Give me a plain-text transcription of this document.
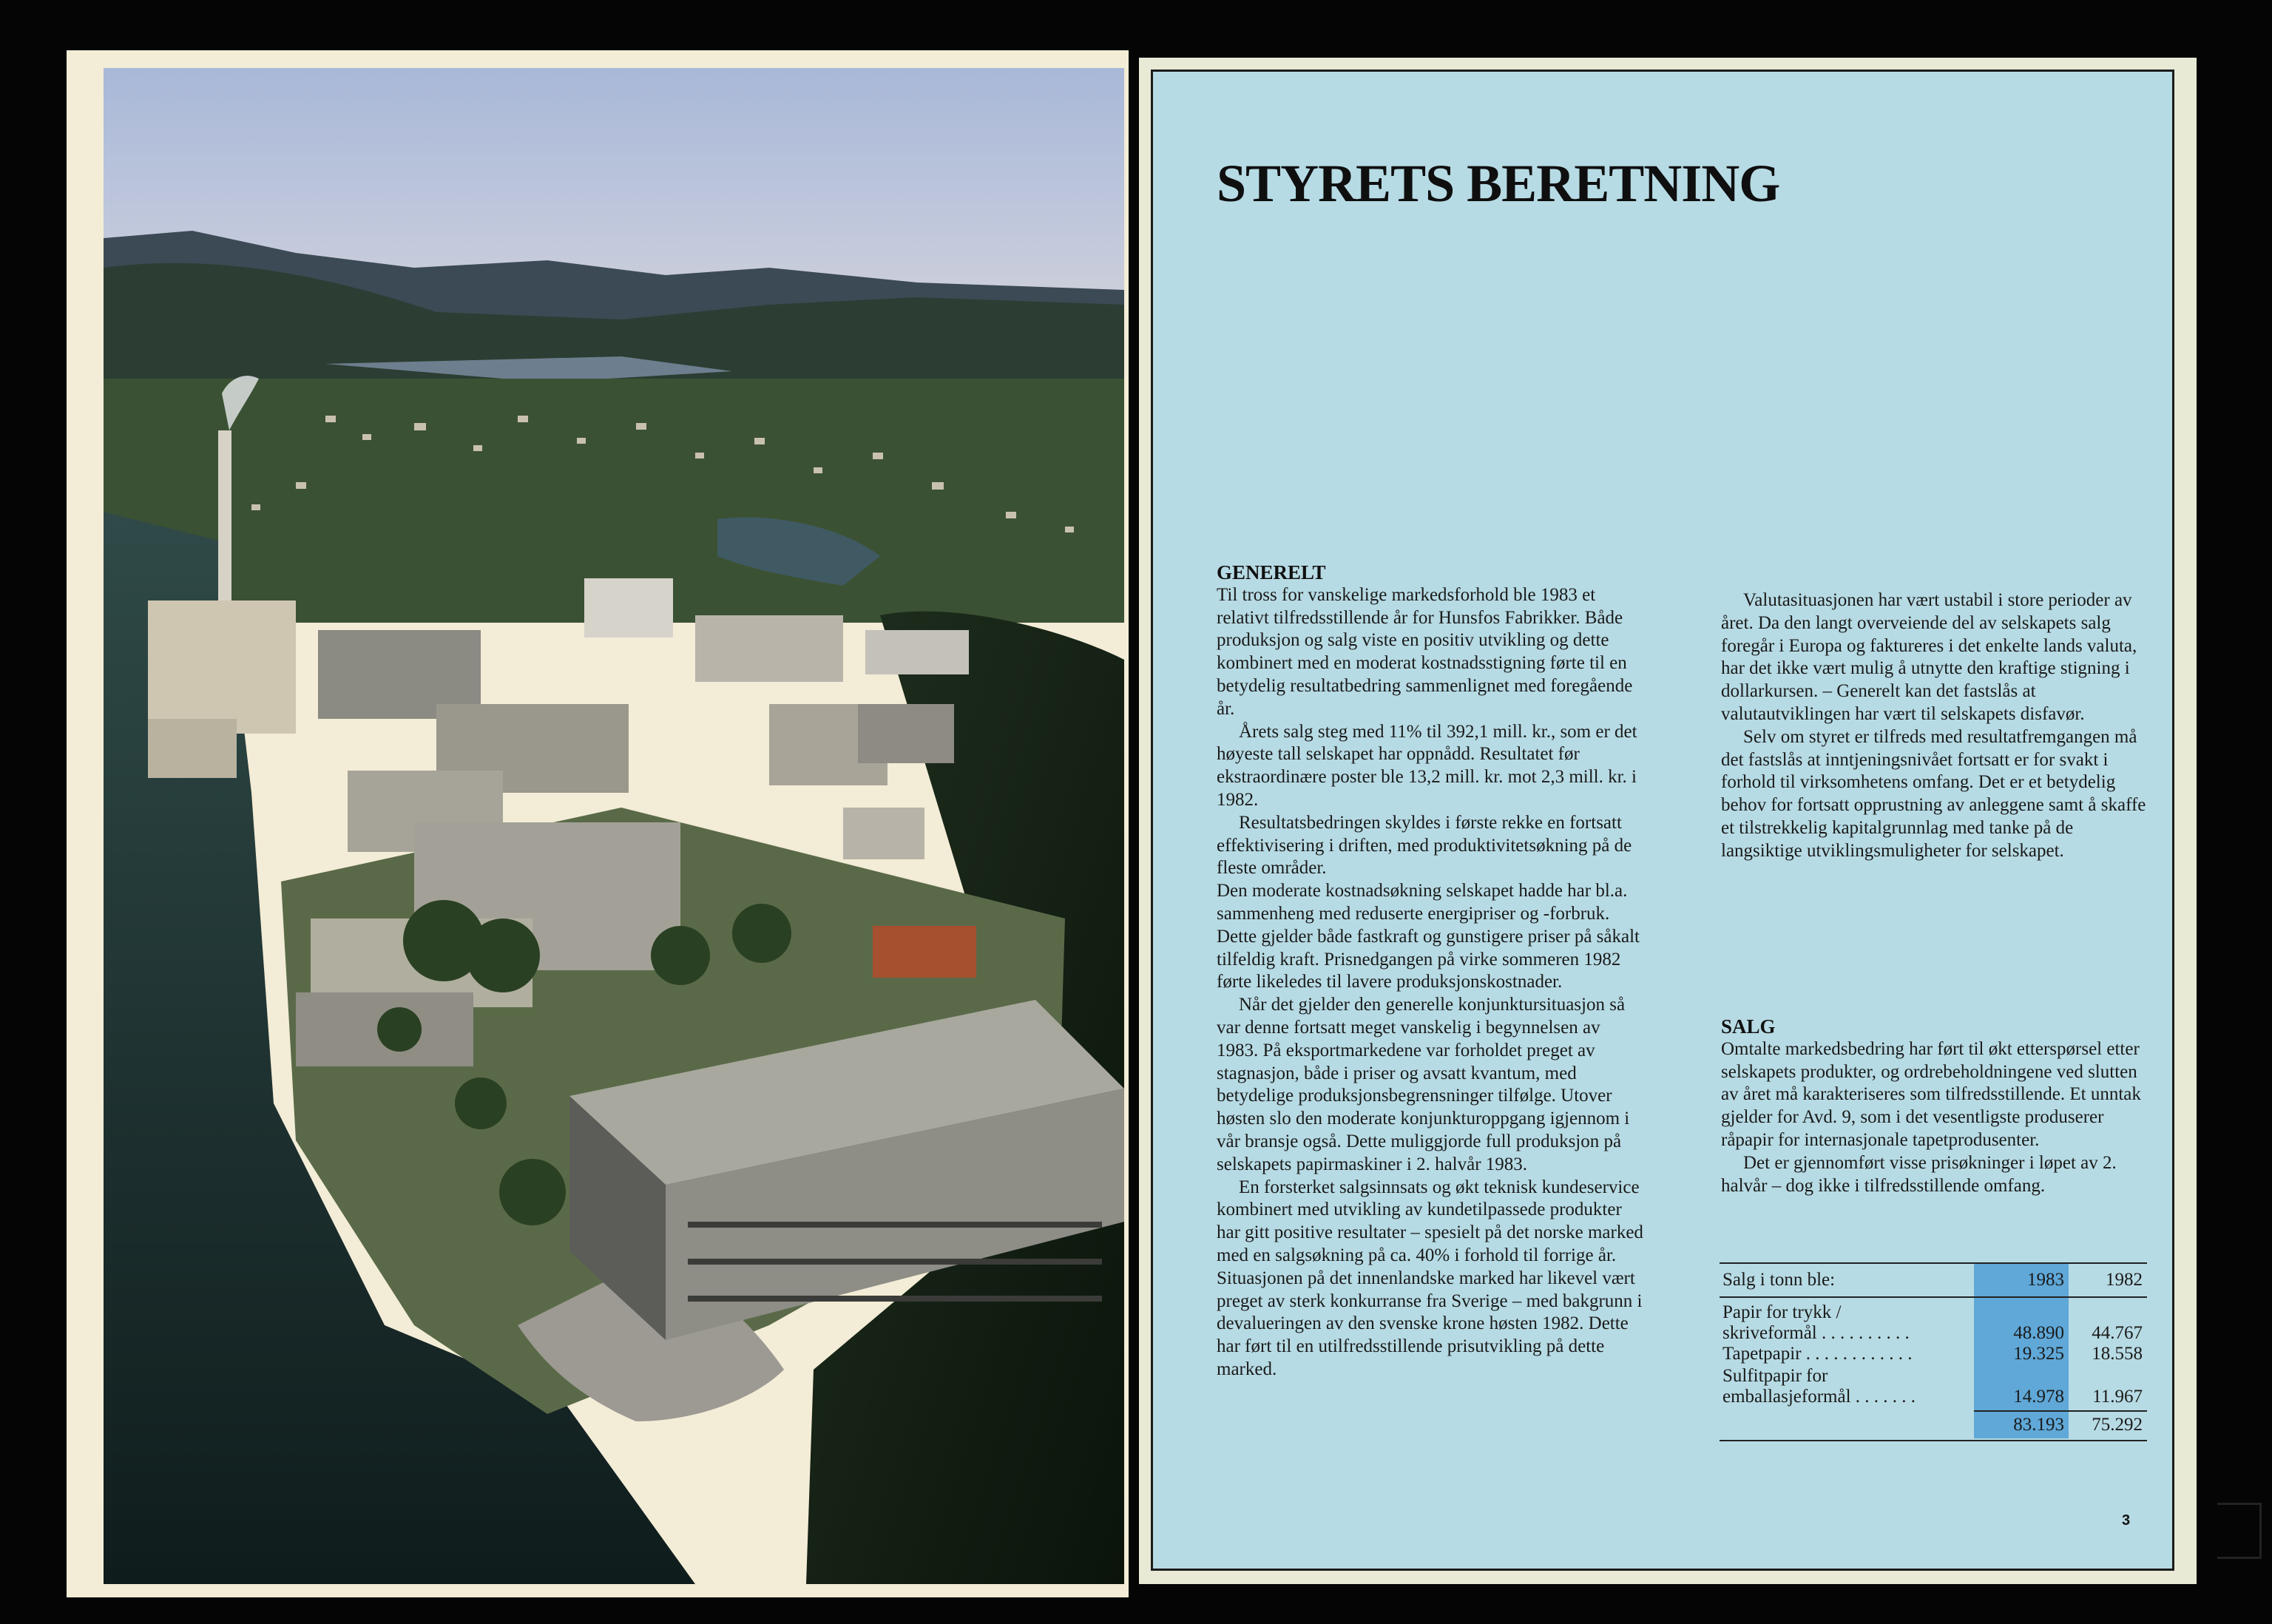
STYRETS BERETNING

GENERELT

Til tross for vanskelige markedsforhold ble 1983 et relativt tilfredsstillende år for Hunsfos Fabrikker. Både produksjon og salg viste en positiv utvikling og dette kombinert med en moderat kostnadsstigning førte til en betydelig resultatbedring sammenlignet med foregående år.

Årets salg steg med 11% til 392,1 mill. kr., som er det høyeste tall selskapet har oppnådd. Resultatet før ekstraordinære poster ble 13,2 mill. kr. mot 2,3 mill. kr. i 1982.

Resultatsbedringen skyldes i første rekke en fortsatt effektivisering i driften, med produktivitetsøkning på de fleste områder.

Den moderate kostnadsøkning selskapet hadde har bl.a. sammenheng med reduserte energipriser og -forbruk. Dette gjelder både fastkraft og gunstigere priser på såkalt tilfeldig kraft. Prisnedgangen på virke sommeren 1982 førte likeledes til lavere produksjonskostnader.

Når det gjelder den generelle konjunktursituasjon så var denne fortsatt meget vanskelig i begynnelsen av 1983. På eksportmarkedene var forholdet preget av stagnasjon, både i priser og avsatt kvantum, med betydelige produksjonsbegrensninger tilfølge. Utover høsten slo den moderate konjunkturoppgang igjennom i vår bransje også. Dette muliggjorde full produksjon på selskapets papirmaskiner i 2. halvår 1983.

En forsterket salgsinnsats og økt teknisk kundeservice kombinert med utvikling av kundetilpassede produkter har gitt positive resultater – spesielt på det norske marked med en salgsøkning på ca. 40% i forhold til forrige år. Situasjonen på det innenlandske marked har likevel vært preget av sterk konkurranse fra Sverige – med bakgrunn i devalueringen av den svenske krone høsten 1982. Dette har ført til en utilfredsstillende prisutvikling på dette marked.

Valutasituasjonen har vært ustabil i store perioder av året. Da den langt overveiende del av selskapets salg foregår i Europa og faktureres i det enkelte lands valuta, har det ikke vært mulig å utnytte den kraftige stigning i dollarkursen. – Generelt kan det fastslås at valutautviklingen har vært til selskapets disfavør.

Selv om styret er tilfreds med resultatfremgangen må det fastslås at inntjeningsnivået fortsatt er for svakt i forhold til virksomhetens omfang. Det er et betydelig behov for fortsatt opprustning av anleggene samt å skaffe et tilstrekkelig kapitalgrunnlag med tanke på de langsiktige utviklingsmuligheter for selskapet.

SALG

Omtalte markedsbedring har ført til økt etterspørsel etter selskapets produkter, og ordrebeholdningene ved slutten av året må karakteriseres som tilfredsstillende. Et unntak gjelder for Avd. 9, som i det vesentligste produserer råpapir for internasjonale tapetprodusenter.

Det er gjennomført visse prisøkninger i løpet av 2. halvår – dog ikke i tilfredsstillende omfang.

Salg i tonn ble:	1983	1982
Papir for trykk /
skriveformål . . . . . . . . . .	48.890	44.767
Tapetpapir . . . . . . . . . . . .	19.325	18.558
Sulfitpapir for
emballasjeformål . . . . . . .	14.978	11.967
83.193	75.292
3
